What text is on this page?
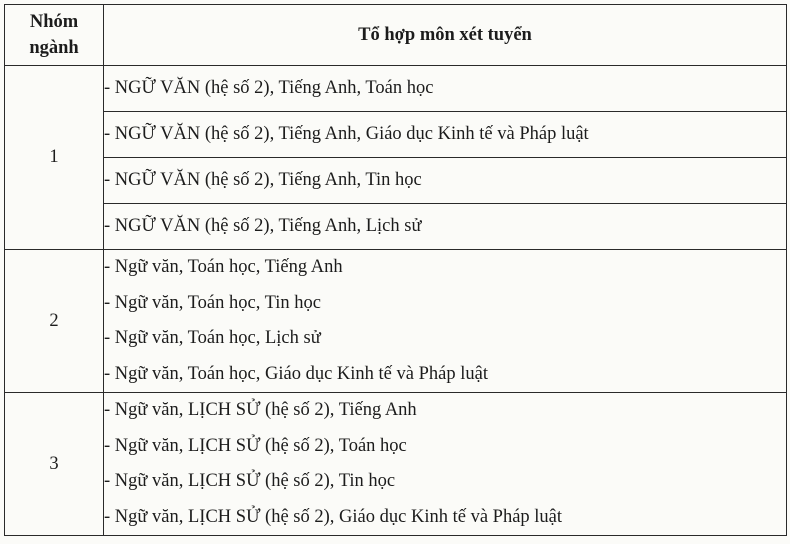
Nhóm ngành	Tổ hợp môn xét tuyển
1	- NGỮ VĂN (hệ số 2), Tiếng Anh, Toán học
	- NGỮ VĂN (hệ số 2), Tiếng Anh, Giáo dục Kinh tế và Pháp luật
	- NGỮ VĂN (hệ số 2), Tiếng Anh, Tin học
	- NGỮ VĂN (hệ số 2), Tiếng Anh, Lịch sử
2	- Ngữ văn, Toán học, Tiếng Anh
- Ngữ văn, Toán học, Tin học
- Ngữ văn, Toán học, Lịch sử
- Ngữ văn, Toán học, Giáo dục Kinh tế và Pháp luật

3	- Ngữ văn, LỊCH SỬ (hệ số 2), Tiếng Anh
- Ngữ văn, LỊCH SỬ (hệ số 2), Toán học
- Ngữ văn, LỊCH SỬ (hệ số 2), Tin học
- Ngữ văn, LỊCH SỬ (hệ số 2), Giáo dục Kinh tế và Pháp luật
